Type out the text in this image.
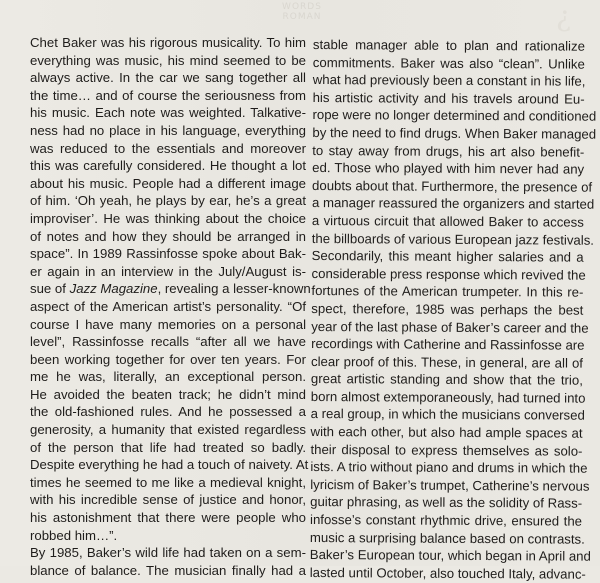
WORDS ROMAN	¿
Chet Baker was his rigorous musicality. To him
everything was music, his mind seemed to be
always active. In the car we sang together all
the time… and of course the seriousness from
his music. Each note was weighted. Talkative-
ness had no place in his language, everything
was reduced to the essentials and moreover
this was carefully considered. He thought a lot
about his music. People had a different image
of him. ‘Oh yeah, he plays by ear, he’s a great
improviser’. He was thinking about the choice
of notes and how they should be arranged in
space”. In 1989 Rassinfosse spoke about Bak-
er again in an interview in the July/August is-
sue of Jazz Magazine, revealing a lesser-known
aspect of the American artist’s personality. “Of
course I have many memories on a personal
level”, Rassinfosse recalls “after all we have
been working together for over ten years. For
me he was, literally, an exceptional person.
He avoided the beaten track; he didn’t mind
the old-fashioned rules. And he possessed a
generosity, a humanity that existed regardless
of the person that life had treated so badly.
Despite everything he had a touch of naivety. At
times he seemed to me like a medieval knight,
with his incredible sense of justice and honor,
his astonishment that there were people who
robbed him…”.
By 1985, Baker’s wild life had taken on a sem-
blance of balance. The musician finally had a
stable manager able to plan and rationalize
commitments. Baker was also “clean”. Unlike
what had previously been a constant in his life,
his artistic activity and his travels around Eu-
rope were no longer determined and conditioned
by the need to find drugs. When Baker managed
to stay away from drugs, his art also benefit-
ed. Those who played with him never had any
doubts about that. Furthermore, the presence of
a manager reassured the organizers and started
a virtuous circuit that allowed Baker to access
the billboards of various European jazz festivals.
Secondarily, this meant higher salaries and a
considerable press response which revived the
fortunes of the American trumpeter. In this re-
spect, therefore, 1985 was perhaps the best
year of the last phase of Baker’s career and the
recordings with Catherine and Rassinfosse are
clear proof of this. These, in general, are all of
great artistic standing and show that the trio,
born almost extemporaneously, had turned into
a real group, in which the musicians conversed
with each other, but also had ample spaces at
their disposal to express themselves as solo-
ists. A trio without piano and drums in which the
lyricism of Baker’s trumpet, Catherine’s nervous
guitar phrasing, as well as the solidity of Rass-
infosse’s constant rhythmic drive, ensured the
music a surprising balance based on contrasts.
Baker’s European tour, which began in April and
lasted until October, also touched Italy, advanc-
